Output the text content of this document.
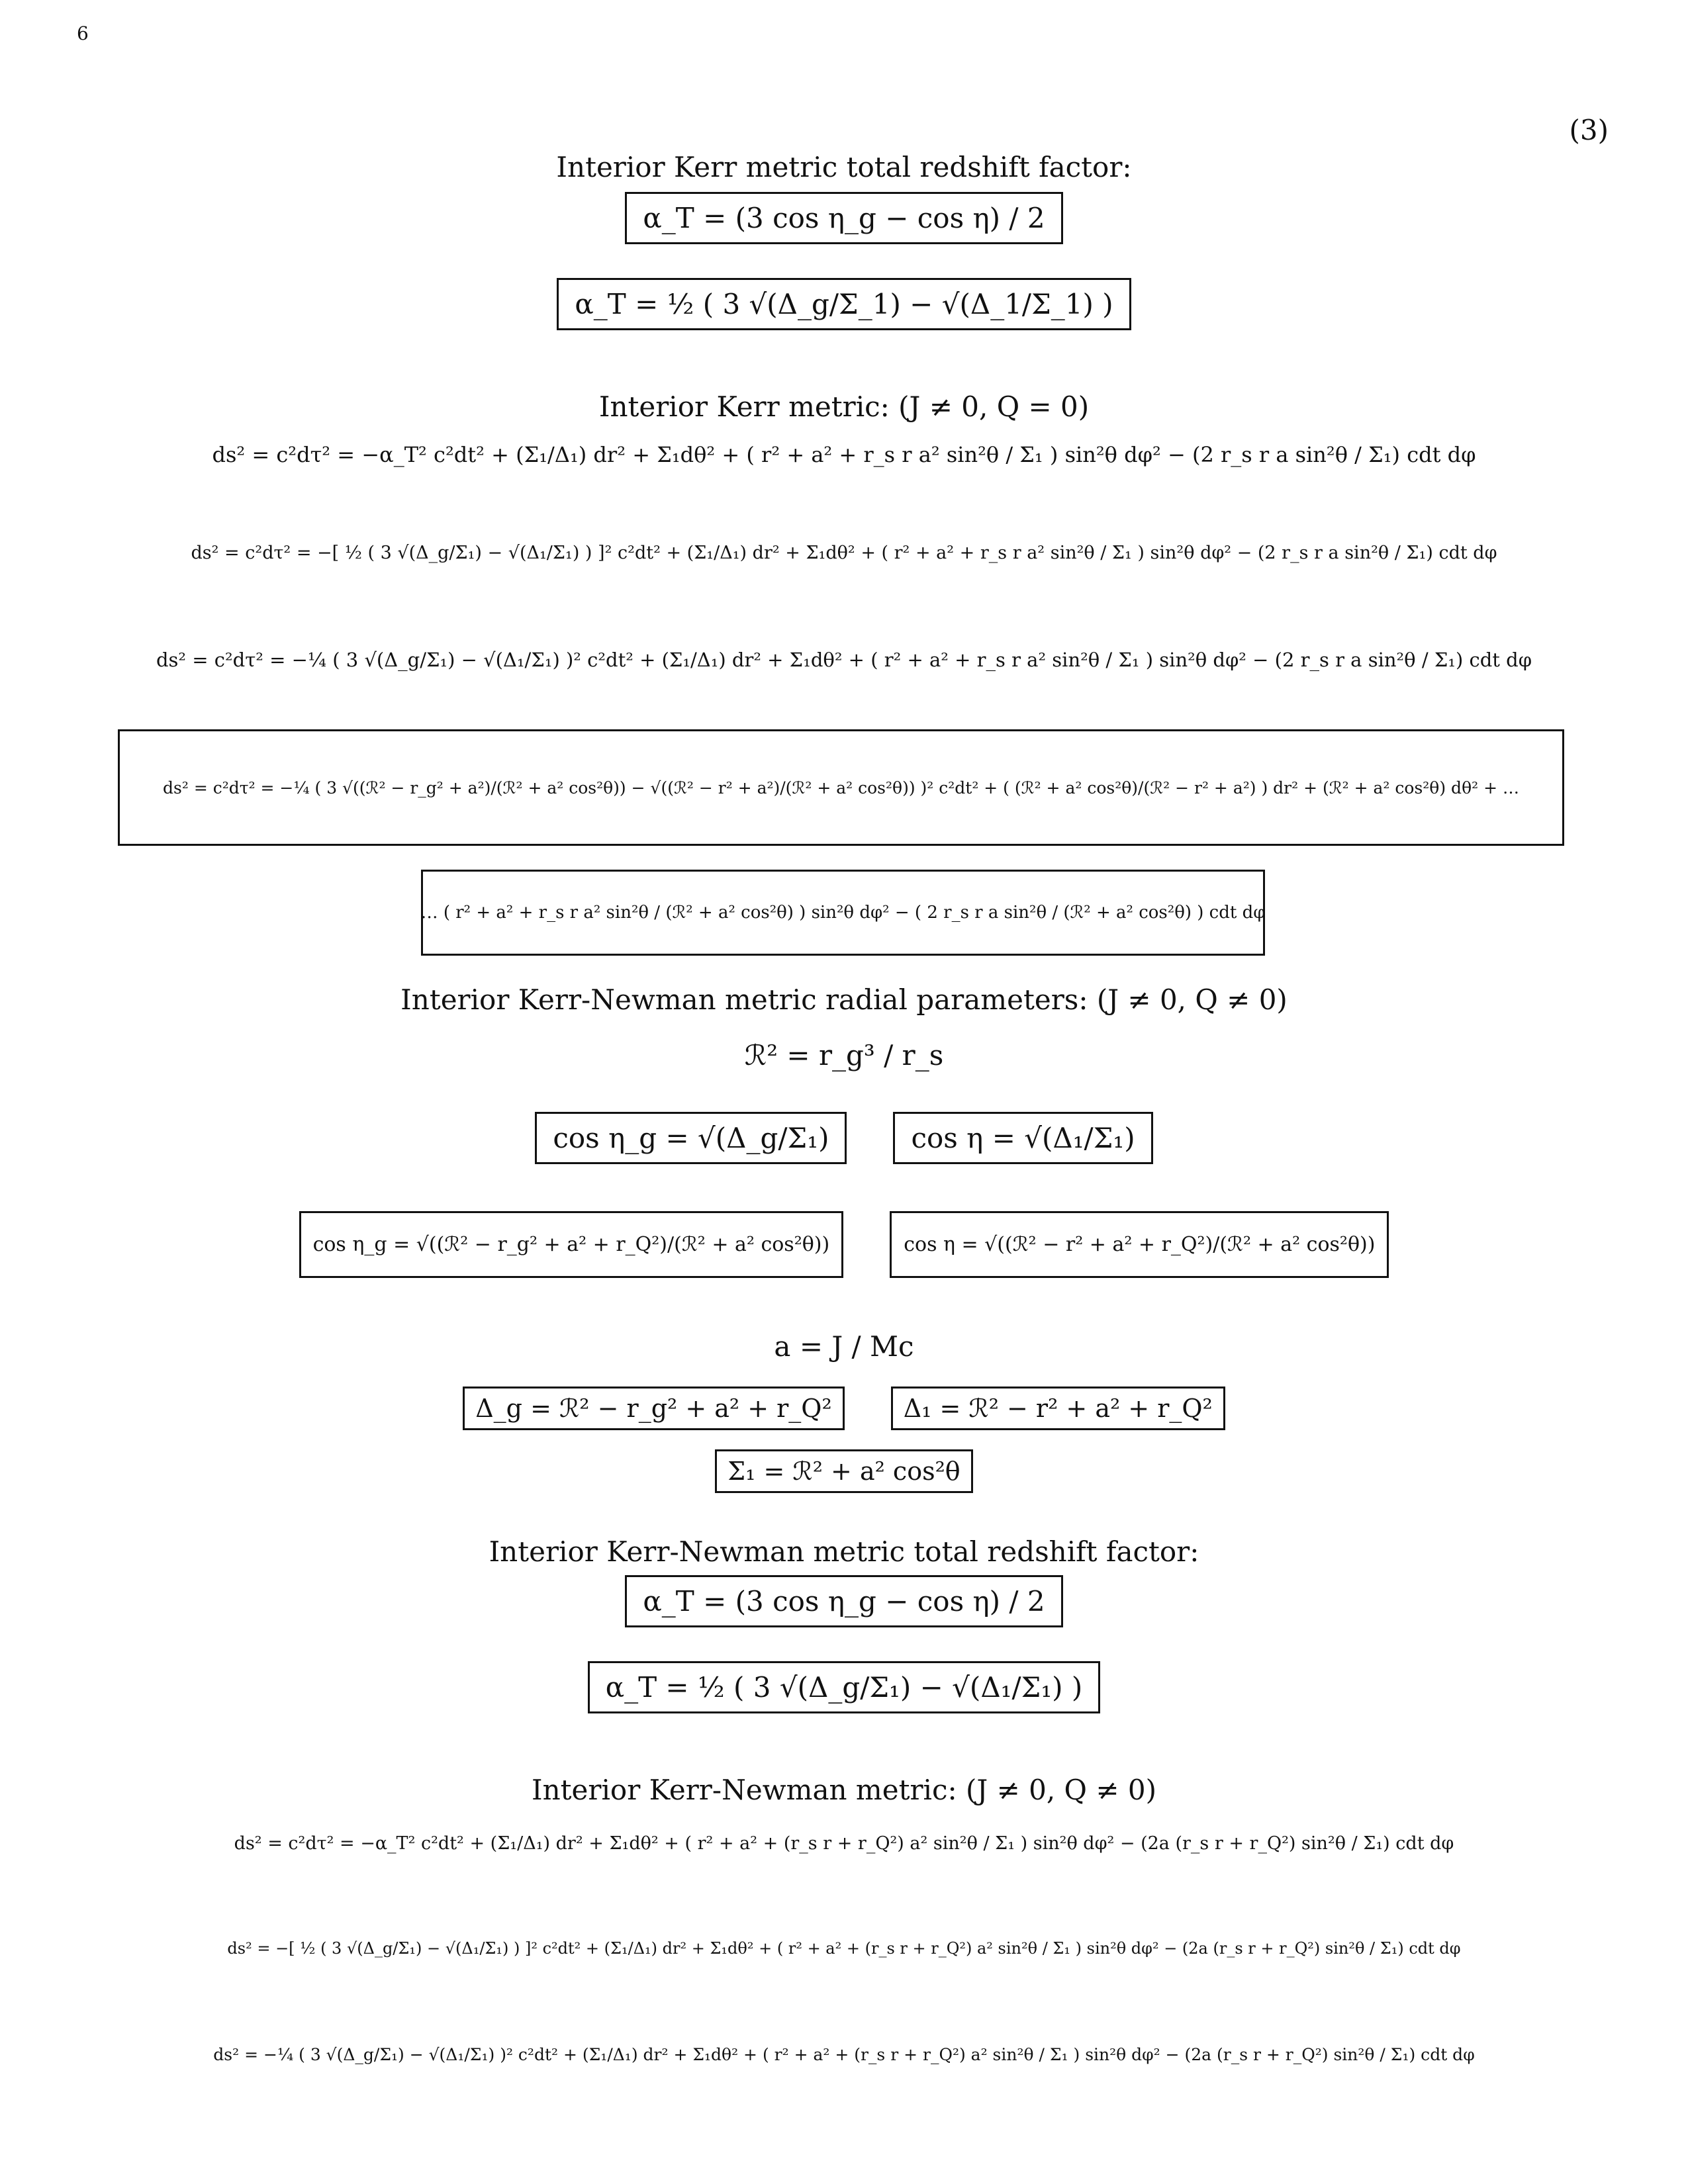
6
(3)
Interior Kerr metric total redshift factor:
α_T = (3 cos η_g − cos η) / 2
α_T = ½ ( 3 √(Δ_g/Σ_1) − √(Δ_1/Σ_1) )
Interior Kerr metric: (J ≠ 0, Q = 0)
ds² = c²dτ² = −α_T² c²dt² + (Σ₁/Δ₁) dr² + Σ₁dθ² + ( r² + a² + r_s r a² sin²θ / Σ₁ ) sin²θ dφ² − (2 r_s r a sin²θ / Σ₁) cdt dφ
ds² = c²dτ² = −[ ½ ( 3 √(Δ_g/Σ₁) − √(Δ₁/Σ₁) ) ]² c²dt² + (Σ₁/Δ₁) dr² + Σ₁dθ² + ( r² + a² + r_s r a² sin²θ / Σ₁ ) sin²θ dφ² − (2 r_s r a sin²θ / Σ₁) cdt dφ
ds² = c²dτ² = −¼ ( 3 √(Δ_g/Σ₁) − √(Δ₁/Σ₁) )² c²dt² + (Σ₁/Δ₁) dr² + Σ₁dθ² + ( r² + a² + r_s r a² sin²θ / Σ₁ ) sin²θ dφ² − (2 r_s r a sin²θ / Σ₁) cdt dφ
ds² = c²dτ² = −¼ ( 3 √((ℛ² − r_g² + a²)/(ℛ² + a² cos²θ)) − √((ℛ² − r² + a²)/(ℛ² + a² cos²θ)) )² c²dt² + ( (ℛ² + a² cos²θ)/(ℛ² − r² + a²) ) dr² + (ℛ² + a² cos²θ) dθ² + …
… ( r² + a² + r_s r a² sin²θ / (ℛ² + a² cos²θ) ) sin²θ dφ² − ( 2 r_s r a sin²θ / (ℛ² + a² cos²θ) ) cdt dφ
Interior Kerr-Newman metric radial parameters: (J ≠ 0, Q ≠ 0)
ℛ² = r_g³ / r_s
cos η_g = √(Δ_g/Σ₁)	cos η = √(Δ₁/Σ₁)
cos η_g = √((ℛ² − r_g² + a² + r_Q²)/(ℛ² + a² cos²θ))	cos η = √((ℛ² − r² + a² + r_Q²)/(ℛ² + a² cos²θ))
a = J / Mc
Δ_g = ℛ² − r_g² + a² + r_Q²	Δ₁ = ℛ² − r² + a² + r_Q²
Σ₁ = ℛ² + a² cos²θ
Interior Kerr-Newman metric total redshift factor:
α_T = (3 cos η_g − cos η) / 2
α_T = ½ ( 3 √(Δ_g/Σ₁) − √(Δ₁/Σ₁) )
Interior Kerr-Newman metric: (J ≠ 0, Q ≠ 0)
ds² = c²dτ² = −α_T² c²dt² + (Σ₁/Δ₁) dr² + Σ₁dθ² + ( r² + a² + (r_s r + r_Q²) a² sin²θ / Σ₁ ) sin²θ dφ² − (2a (r_s r + r_Q²) sin²θ / Σ₁) cdt dφ
ds² = −[ ½ ( 3 √(Δ_g/Σ₁) − √(Δ₁/Σ₁) ) ]² c²dt² + (Σ₁/Δ₁) dr² + Σ₁dθ² + ( r² + a² + (r_s r + r_Q²) a² sin²θ / Σ₁ ) sin²θ dφ² − (2a (r_s r + r_Q²) sin²θ / Σ₁) cdt dφ
ds² = −¼ ( 3 √(Δ_g/Σ₁) − √(Δ₁/Σ₁) )² c²dt² + (Σ₁/Δ₁) dr² + Σ₁dθ² + ( r² + a² + (r_s r + r_Q²) a² sin²θ / Σ₁ ) sin²θ dφ² − (2a (r_s r + r_Q²) sin²θ / Σ₁) cdt dφ
